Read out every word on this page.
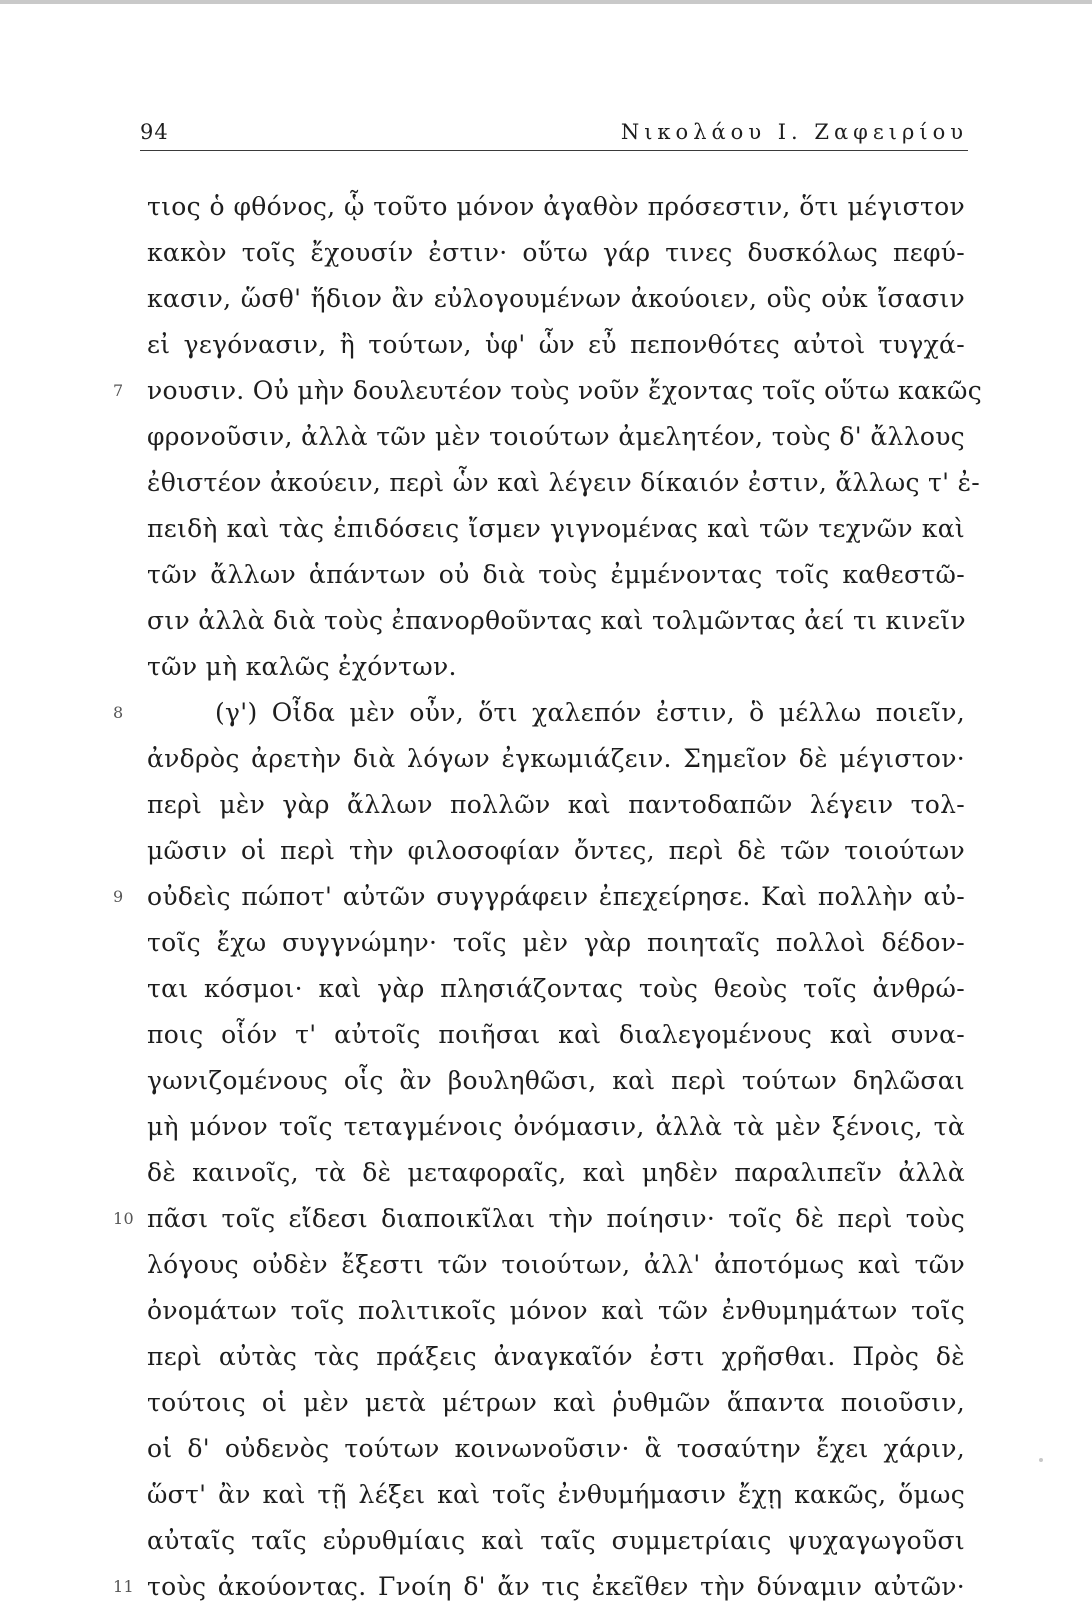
94	Νικολάου Ι. Ζαφειρίου
τιος ὁ φθόνος, ᾧ τοῦτο μόνον ἀγαθὸν πρόσεστιν, ὅτι μέγιστον
κακὸν τοῖς ἔχουσίν ἐστιν· οὕτω γάρ τινες δυσκόλως πεφύ-
κασιν, ὥσθ' ἥδιον ἂν εὐλογουμένων ἀκούοιεν, οὓς οὐκ ἴσασιν
εἰ γεγόνασιν, ἢ τούτων, ὑφ' ὧν εὖ πεπονθότες αὐτοὶ τυγχά-
7 νουσιν. Οὐ μὴν δουλευτέον τοὺς νοῦν ἔχοντας τοῖς οὕτω κακῶς
φρονοῦσιν, ἀλλὰ τῶν μὲν τοιούτων ἀμελητέον, τοὺς δ' ἄλλους
ἐθιστέον ἀκούειν, περὶ ὧν καὶ λέγειν δίκαιόν ἐστιν, ἄλλως τ' ἐ-
πειδὴ καὶ τὰς ἐπιδόσεις ἴσμεν γιγνομένας καὶ τῶν τεχνῶν καὶ
τῶν ἄλλων ἁπάντων οὐ διὰ τοὺς ἐμμένοντας τοῖς καθεστῶ-
σιν ἀλλὰ διὰ τοὺς ἐπανορθοῦντας καὶ τολμῶντας ἀεί τι κινεῖν
τῶν μὴ καλῶς ἐχόντων.
8	(γ') Οἶδα μὲν οὖν, ὅτι χαλεπόν ἐστιν, ὃ μέλλω ποιεῖν,
ἀνδρὸς ἀρετὴν διὰ λόγων ἐγκωμιάζειν. Σημεῖον δὲ μέγιστον·
περὶ μὲν γὰρ ἄλλων πολλῶν καὶ παντοδαπῶν λέγειν τολ-
μῶσιν οἱ περὶ τὴν φιλοσοφίαν ὄντες, περὶ δὲ τῶν τοιούτων
9 οὐδεὶς πώποτ' αὐτῶν συγγράφειν ἐπεχείρησε. Καὶ πολλὴν αὐ-
τοῖς ἔχω συγγνώμην· τοῖς μὲν γὰρ ποιηταῖς πολλοὶ δέδον-
ται κόσμοι· καὶ γὰρ πλησιάζοντας τοὺς θεοὺς τοῖς ἀνθρώ-
ποις οἷόν τ' αὐτοῖς ποιῆσαι καὶ διαλεγομένους καὶ συνα-
γωνιζομένους οἷς ἂν βουληθῶσι, καὶ περὶ τούτων δηλῶσαι
μὴ μόνον τοῖς τεταγμένοις ὀνόμασιν, ἀλλὰ τὰ μὲν ξένοις, τὰ
δὲ καινοῖς, τὰ δὲ μεταφοραῖς, καὶ μηδὲν παραλιπεῖν ἀλλὰ
10 πᾶσι τοῖς εἴδεσι διαποικῖλαι τὴν ποίησιν· τοῖς δὲ περὶ τοὺς
λόγους οὐδὲν ἔξεστι τῶν τοιούτων, ἀλλ' ἀποτόμως καὶ τῶν
ὀνομάτων τοῖς πολιτικοῖς μόνον καὶ τῶν ἐνθυμημάτων τοῖς
περὶ αὐτὰς τὰς πράξεις ἀναγκαῖόν ἐστι χρῆσθαι. Πρὸς δὲ
τούτοις οἱ μὲν μετὰ μέτρων καὶ ῥυθμῶν ἅπαντα ποιοῦσιν,
οἱ δ' οὐδενὸς τούτων κοινωνοῦσιν· ἃ τοσαύτην ἔχει χάριν,
ὥστ' ἂν καὶ τῇ λέξει καὶ τοῖς ἐνθυμήμασιν ἔχῃ κακῶς, ὅμως
αὐταῖς ταῖς εὐρυθμίαις καὶ ταῖς συμμετρίαις ψυχαγωγοῦσι
11 τοὺς ἀκούοντας. Γνοίη δ' ἄν τις ἐκεῖθεν τὴν δύναμιν αὐτῶν·
